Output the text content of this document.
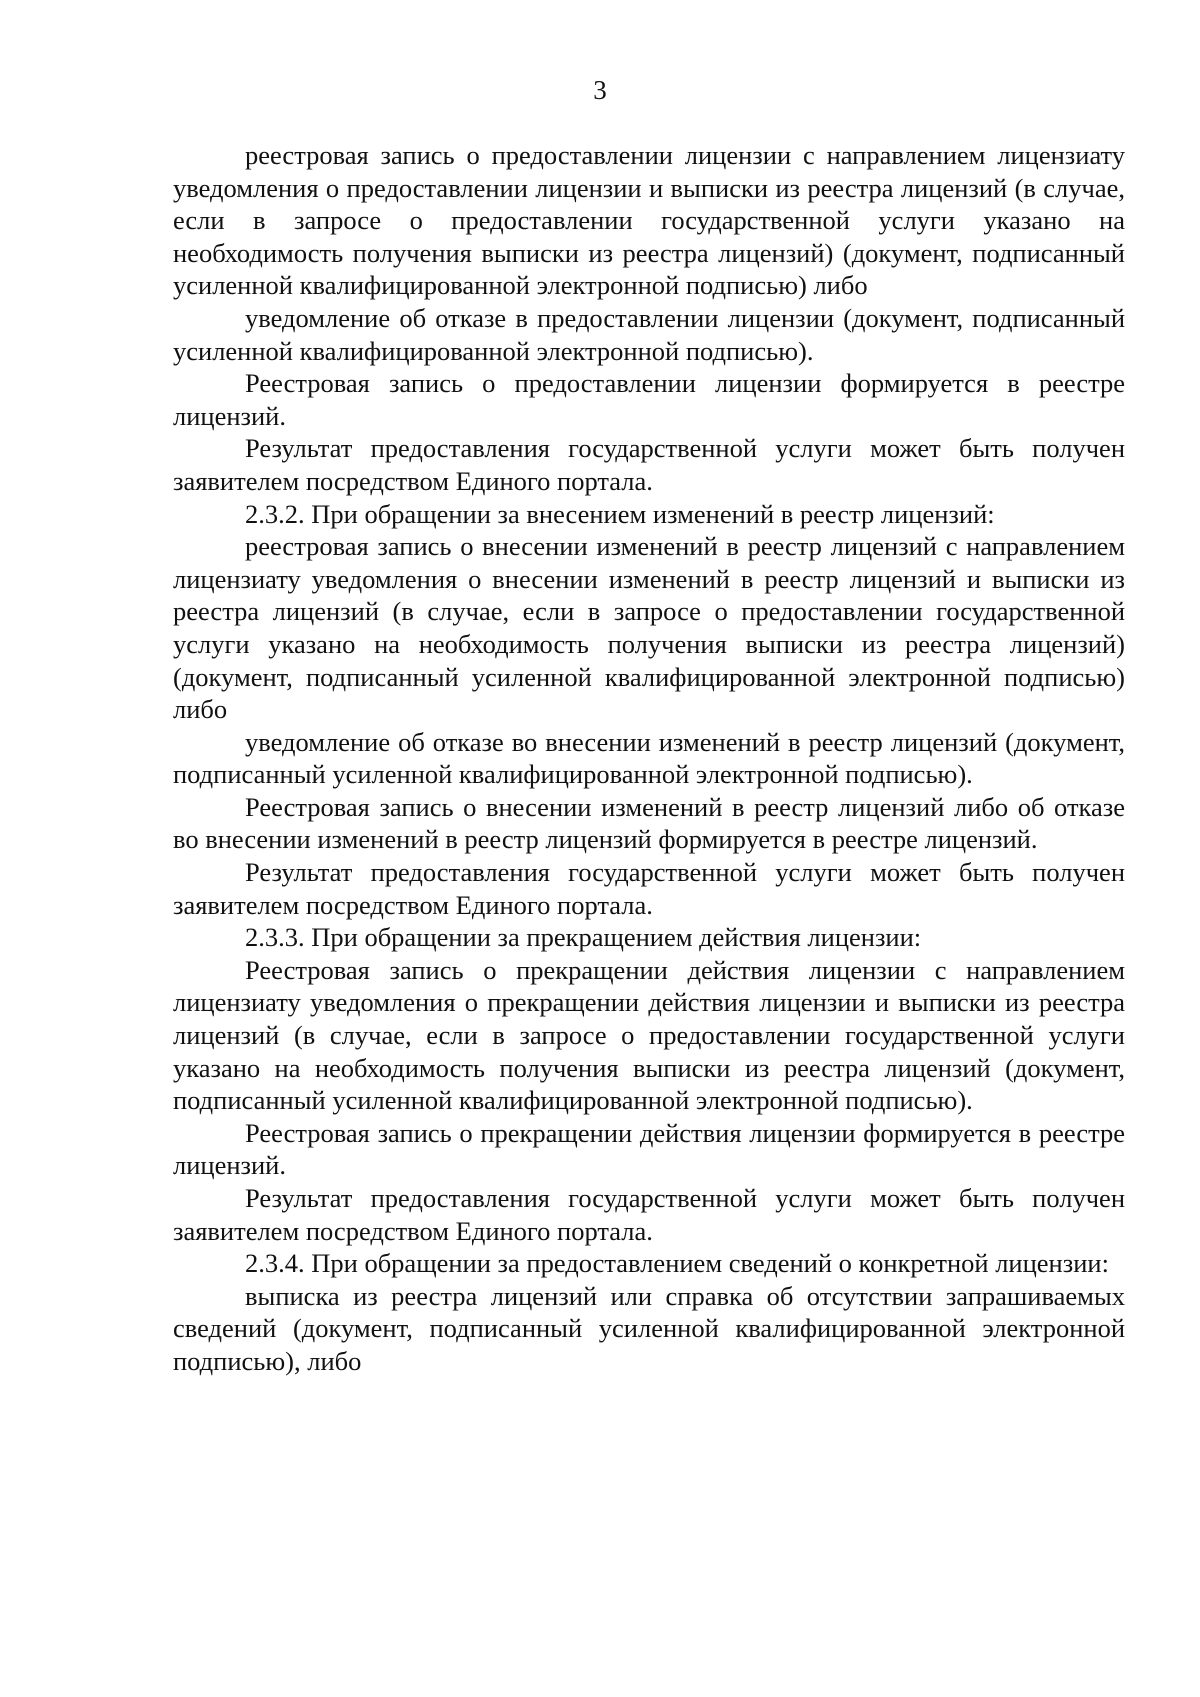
3

реестровая запись о предоставлении лицензии с направлением лицензиату уведомления о предоставлении лицензии и выписки из реестра лицензий (в случае, если в запросе о предоставлении государственной услуги указано на необходимость получения выписки из реестра лицензий) (документ, подписанный усиленной квалифицированной электронной подписью) либо

уведомление об отказе в предоставлении лицензии (документ, подписанный усиленной квалифицированной электронной подписью).

Реестровая запись о предоставлении лицензии формируется в реестре лицензий.

Результат предоставления государственной услуги может быть получен заявителем посредством Единого портала.

2.3.2. При обращении за внесением изменений в реестр лицензий:

реестровая запись о внесении изменений в реестр лицензий с направлением лицензиату уведомления о внесении изменений в реестр лицензий и выписки из реестра лицензий (в случае, если в запросе о предоставлении государственной услуги указано на необходимость получения выписки из реестра лицензий) (документ, подписанный усиленной квалифицированной электронной подписью) либо

уведомление об отказе во внесении изменений в реестр лицензий (документ, подписанный усиленной квалифицированной электронной подписью).

Реестровая запись о внесении изменений в реестр лицензий либо об отказе во внесении изменений в реестр лицензий формируется в реестре лицензий.

Результат предоставления государственной услуги может быть получен заявителем посредством Единого портала.

2.3.3. При обращении за прекращением действия лицензии:

Реестровая запись о прекращении действия лицензии с направлением лицензиату уведомления о прекращении действия лицензии и выписки из реестра лицензий (в случае, если в запросе о предоставлении государственной услуги указано на необходимость получения выписки из реестра лицензий (документ, подписанный усиленной квалифицированной электронной подписью).

Реестровая запись о прекращении действия лицензии формируется в реестре лицензий.

Результат предоставления государственной услуги может быть получен заявителем посредством Единого портала.

2.3.4. При обращении за предоставлением сведений о конкретной лицензии:

выписка из реестра лицензий или справка об отсутствии запрашиваемых сведений (документ, подписанный усиленной квалифицированной электронной подписью), либо
